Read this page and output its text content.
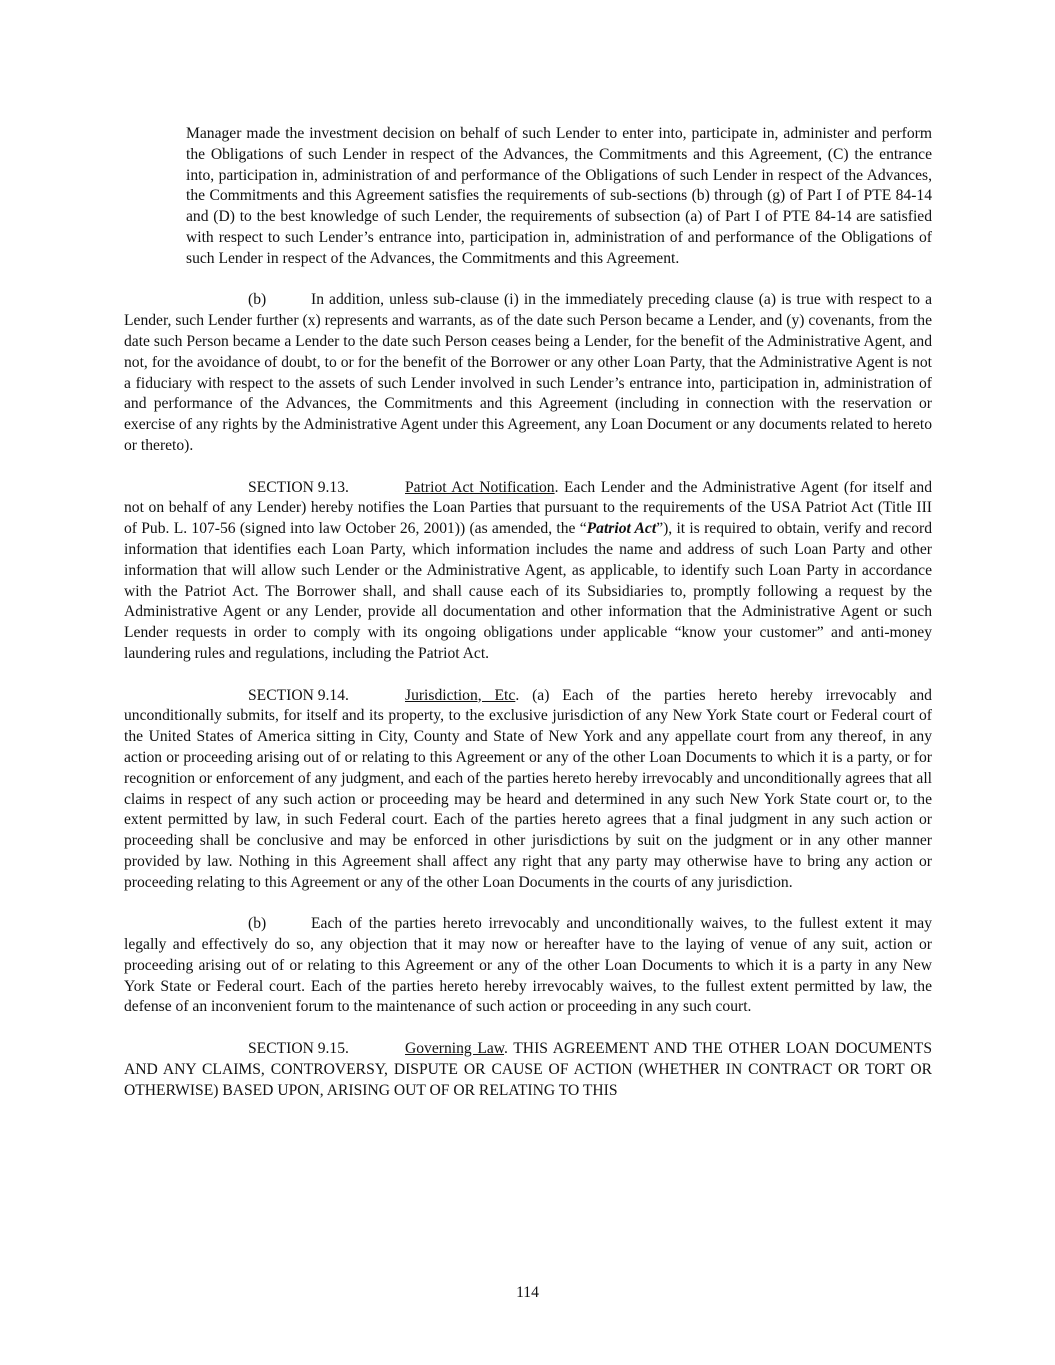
Manager made the investment decision on behalf of such Lender to enter into, participate in, administer and perform the Obligations of such Lender in respect of the Advances, the Commitments and this Agreement, (C) the entrance into, participation in, administration of and performance of the Obligations of such Lender in respect of the Advances, the Commitments and this Agreement satisfies the requirements of sub-sections (b) through (g) of Part I of PTE 84-14 and (D) to the best knowledge of such Lender, the requirements of subsection (a) of Part I of PTE 84-14 are satisfied with respect to such Lender’s entrance into, participation in, administration of and performance of the Obligations of such Lender in respect of the Advances, the Commitments and this Agreement.

(b)	In addition, unless sub-clause (i) in the immediately preceding clause (a) is true with respect to a Lender, such Lender further (x) represents and warrants, as of the date such Person became a Lender, and (y) covenants, from the date such Person became a Lender to the date such Person ceases being a Lender, for the benefit of the Administrative Agent, and not, for the avoidance of doubt, to or for the benefit of the Borrower or any other Loan Party, that the Administrative Agent is not a fiduciary with respect to the assets of such Lender involved in such Lender’s entrance into, participation in, administration of and performance of the Advances, the Commitments and this Agreement (including in connection with the reservation or exercise of any rights by the Administrative Agent under this Agreement, any Loan Document or any documents related to hereto or thereto).

SECTION 9.13.	Patriot Act Notification. Each Lender and the Administrative Agent (for itself and not on behalf of any Lender) hereby notifies the Loan Parties that pursuant to the requirements of the USA Patriot Act (Title III of Pub. L. 107-56 (signed into law October 26, 2001)) (as amended, the “Patriot Act”), it is required to obtain, verify and record information that identifies each Loan Party, which information includes the name and address of such Loan Party and other information that will allow such Lender or the Administrative Agent, as applicable, to identify such Loan Party in accordance with the Patriot Act. The Borrower shall, and shall cause each of its Subsidiaries to, promptly following a request by the Administrative Agent or any Lender, provide all documentation and other information that the Administrative Agent or such Lender requests in order to comply with its ongoing obligations under applicable “know your customer” and anti-money laundering rules and regulations, including the Patriot Act.

SECTION 9.14.	Jurisdiction, Etc. (a) Each of the parties hereto hereby irrevocably and unconditionally submits, for itself and its property, to the exclusive jurisdiction of any New York State court or Federal court of the United States of America sitting in City, County and State of New York and any appellate court from any thereof, in any action or proceeding arising out of or relating to this Agreement or any of the other Loan Documents to which it is a party, or for recognition or enforcement of any judgment, and each of the parties hereto hereby irrevocably and unconditionally agrees that all claims in respect of any such action or proceeding may be heard and determined in any such New York State court or, to the extent permitted by law, in such Federal court. Each of the parties hereto agrees that a final judgment in any such action or proceeding shall be conclusive and may be enforced in other jurisdictions by suit on the judgment or in any other manner provided by law. Nothing in this Agreement shall affect any right that any party may otherwise have to bring any action or proceeding relating to this Agreement or any of the other Loan Documents in the courts of any jurisdiction.

(b)	Each of the parties hereto irrevocably and unconditionally waives, to the fullest extent it may legally and effectively do so, any objection that it may now or hereafter have to the laying of venue of any suit, action or proceeding arising out of or relating to this Agreement or any of the other Loan Documents to which it is a party in any New York State or Federal court. Each of the parties hereto hereby irrevocably waives, to the fullest extent permitted by law, the defense of an inconvenient forum to the maintenance of such action or proceeding in any such court.

SECTION 9.15.	Governing Law. THIS AGREEMENT AND THE OTHER LOAN DOCUMENTS AND ANY CLAIMS, CONTROVERSY, DISPUTE OR CAUSE OF ACTION (WHETHER IN CONTRACT OR TORT OR OTHERWISE) BASED UPON, ARISING OUT OF OR RELATING TO THIS

114
